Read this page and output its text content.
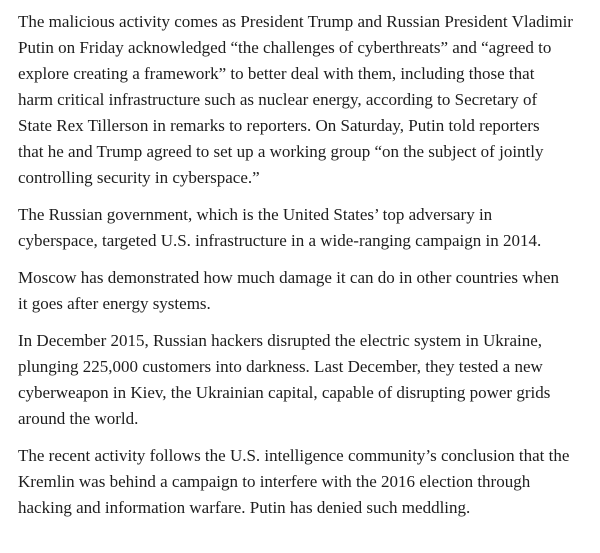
The malicious activity comes as President Trump and Russian President Vladimir
Putin on Friday acknowledged “the challenges of cyberthreats” and “agreed to
explore creating a framework” to better deal with them, including those that
harm critical infrastructure such as nuclear energy, according to Secretary of
State Rex Tillerson in remarks to reporters. On Saturday, Putin told reporters
that he and Trump agreed to set up a working group “on the subject of jointly
controlling security in cyberspace.”

The Russian government, which is the United States’ top adversary in
cyberspace, targeted U.S. infrastructure in a wide-ranging campaign in 2014.

Moscow has demonstrated how much damage it can do in other countries when
it goes after energy systems.

In December 2015, Russian hackers disrupted the electric system in Ukraine,
plunging 225,000 customers into darkness. Last December, they tested a new
cyberweapon in Kiev, the Ukrainian capital, capable of disrupting power grids
around the world.

The recent activity follows the U.S. intelligence community’s conclusion that the
Kremlin was behind a campaign to interfere with the 2016 election through
hacking and information warfare. Putin has denied such meddling.
